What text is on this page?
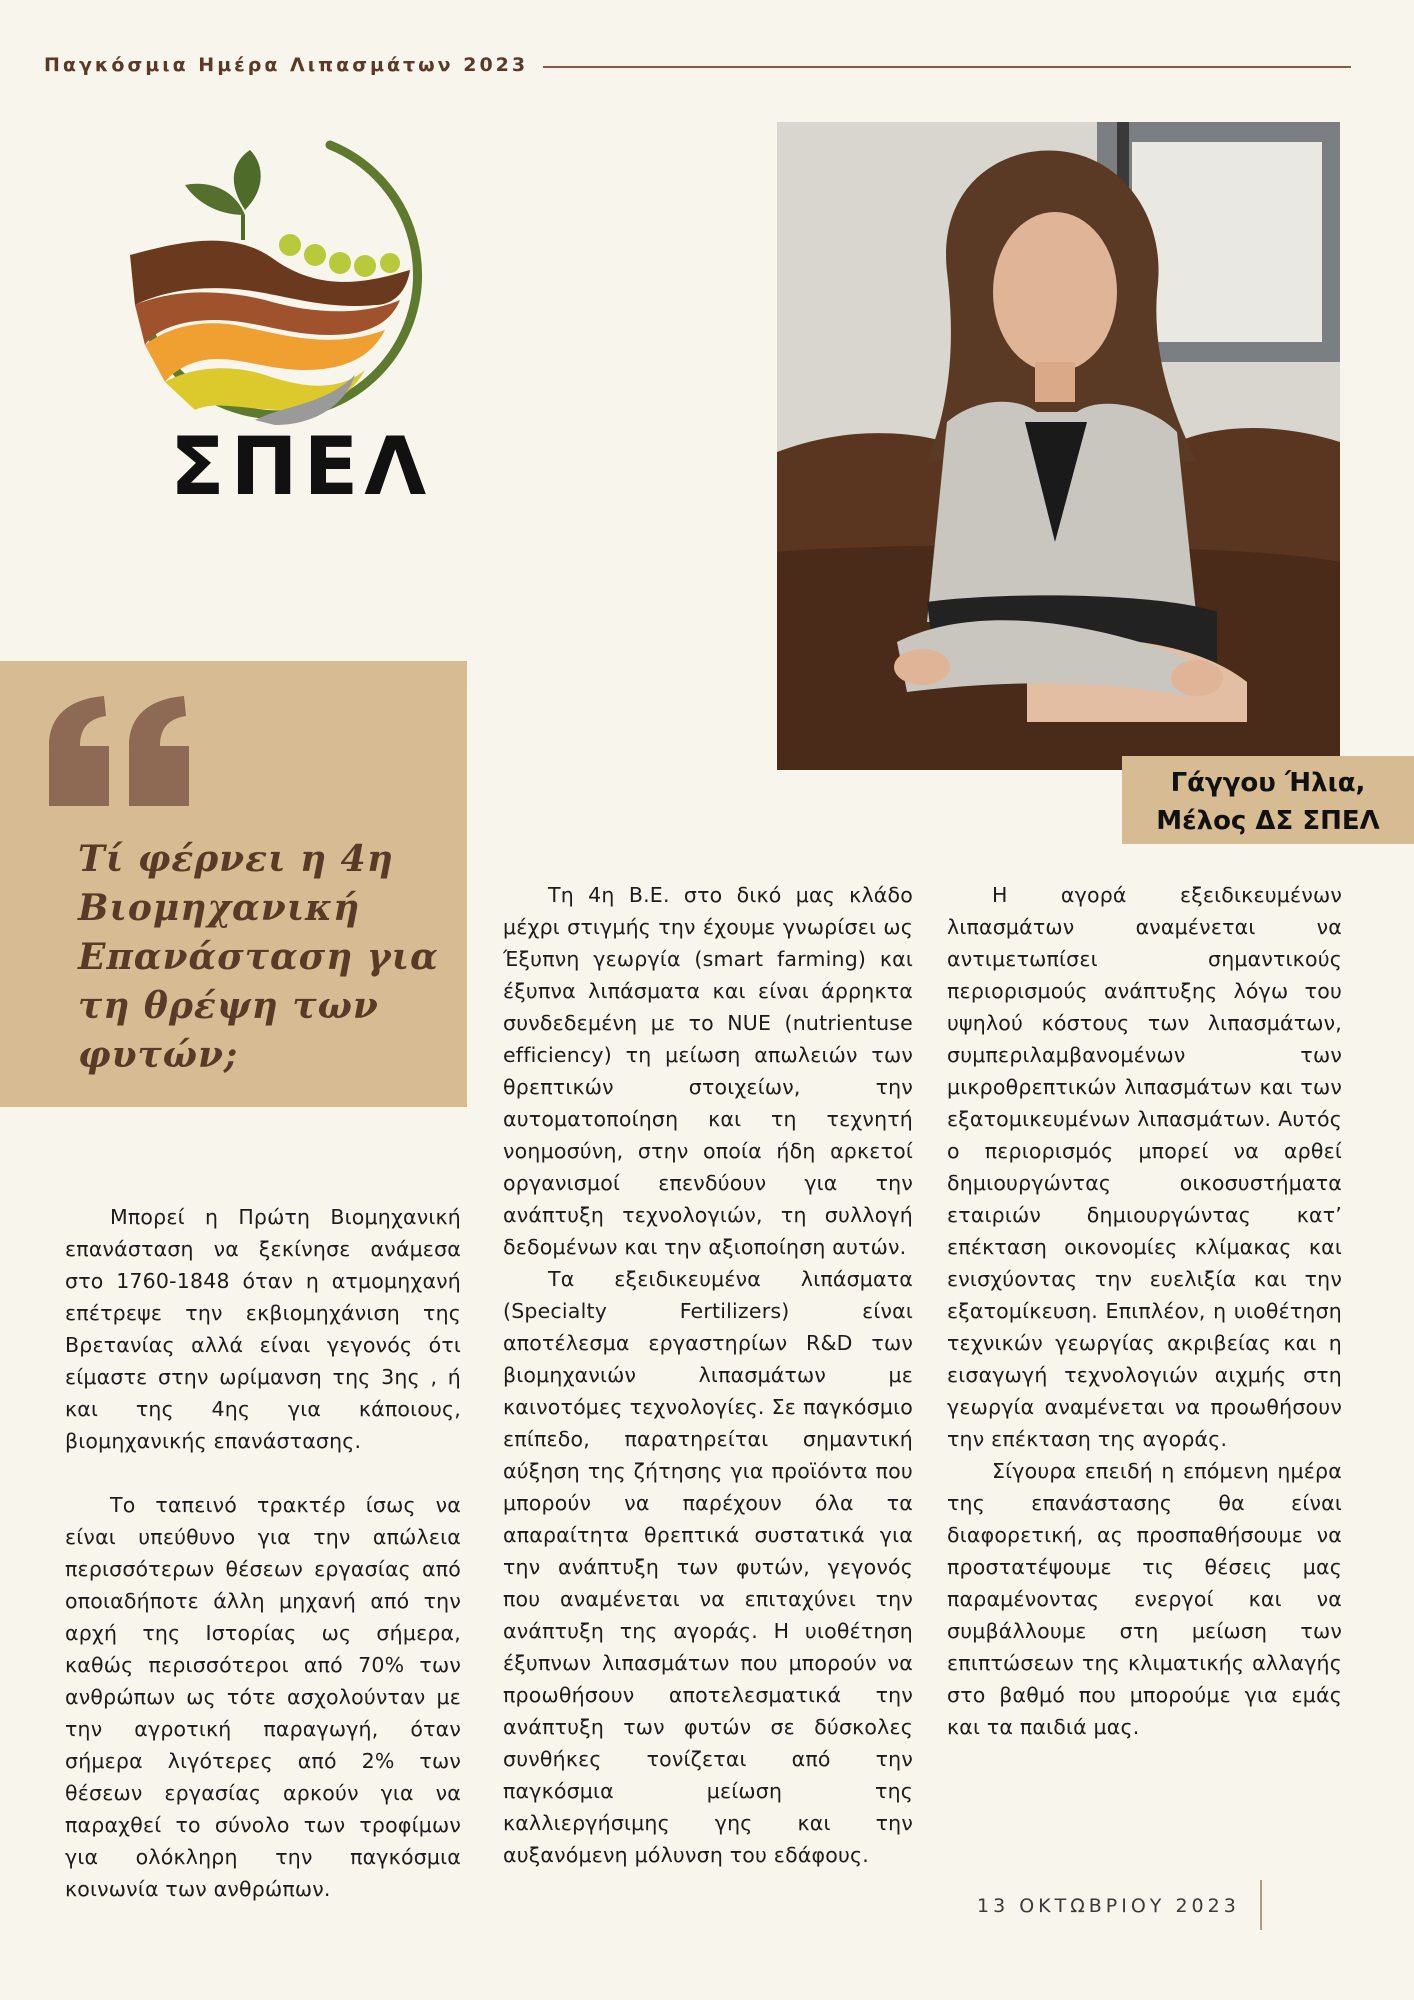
Παγκόσμια Ημέρα Λιπασμάτων 2023
ΣΠΕΛ
Γάγγου Ήλια,
Μέλος ΔΣ ΣΠΕΛ
Τί φέρνει η 4η Βιομηχανική Επανάσταση για τη θρέψη των φυτών;

Μπορεί η Πρώτη Βιομηχανική επανάσταση να ξεκίνησε ανάμεσα στο 1760-1848 όταν η ατμομηχανή επέτρεψε την εκβιομηχάνιση της Βρετανίας αλλά είναι γεγονός ότι είμαστε στην ωρίμανση της 3ης , ή και της 4ης για κάποιους, βιομηχανικής επανάστασης.

Το ταπεινό τρακτέρ ίσως να είναι υπεύθυνο για την απώλεια περισσότερων θέσεων εργασίας από οποιαδήποτε άλλη μηχανή από την αρχή της Ιστορίας ως σήμερα, καθώς περισσότεροι από 70% των ανθρώπων ως τότε ασχολούνταν με την αγροτική παραγωγή, όταν σήμερα λιγότερες από 2% των θέσεων εργασίας αρκούν για να παραχθεί το σύνολο των τροφίμων για ολόκληρη την παγκόσμια κοινωνία των ανθρώπων.

Τη 4η Β.Ε. στο δικό μας κλάδο μέχρι στιγμής την έχουμε γνωρίσει ως Έξυπνη γεωργία (smart farming) και έξυπνα λιπάσματα και είναι άρρηκτα συνδεδεμένη με το NUE (nutrientuse efficiency) τη μείωση απωλειών των θρεπτικών στοιχείων, την αυτοματοποίηση και τη τεχνητή νοημοσύνη, στην οποία ήδη αρκετοί οργανισμοί επενδύουν για την ανάπτυξη τεχνολογιών, τη συλλογή δεδομένων και την αξιοποίηση αυτών.

Τα εξειδικευμένα λιπάσματα (Specialty Fertilizers) είναι αποτέλεσμα εργαστηρίων R&D των βιομηχανιών λιπασμάτων με καινοτόμες τεχνολογίες. Σε παγκόσμιο επίπεδο, παρατηρείται σημαντική αύξηση της ζήτησης για προϊόντα που μπορούν να παρέχουν όλα τα απαραίτητα θρεπτικά συστατικά για την ανάπτυξη των φυτών, γεγονός που αναμένεται να επιταχύνει την ανάπτυξη της αγοράς. Η υιοθέτηση έξυπνων λιπασμάτων που μπορούν να προωθήσουν αποτελεσματικά την ανάπτυξη των φυτών σε δύσκολες συνθήκες τονίζεται από την παγκόσμια μείωση της καλλιεργήσιμης γης και την αυξανόμενη μόλυνση του εδάφους.

Η αγορά εξειδικευμένων λιπασμάτων αναμένεται να αντιμετωπίσει σημαντικούς περιορισμούς ανάπτυξης λόγω του υψηλού κόστους των λιπασμάτων, συμπεριλαμβανομένων των μικροθρεπτικών λιπασμάτων και των εξατομικευμένων λιπασμάτων. Αυτός ο περιορισμός μπορεί να αρθεί δημιουργώντας οικοσυστήματα εταιριών δημιουργώντας κατ’ επέκταση οικονομίες κλίμακας και ενισχύοντας την ευελιξία και την εξατομίκευση. Επιπλέον, η υιοθέτηση τεχνικών γεωργίας ακριβείας και η εισαγωγή τεχνολογιών αιχμής στη γεωργία αναμένεται να προωθήσουν την επέκταση της αγοράς.

Σίγουρα επειδή η επόμενη ημέρα της επανάστασης θα είναι διαφορετική, ας προσπαθήσουμε να προστατέψουμε τις θέσεις μας παραμένοντας ενεργοί και να συμβάλλουμε στη μείωση των επιπτώσεων της κλιματικής αλλαγής στο βαθμό που μπορούμε για εμάς και τα παιδιά μας.

13 ΟΚΤΩΒΡΙΟΥ 2023
